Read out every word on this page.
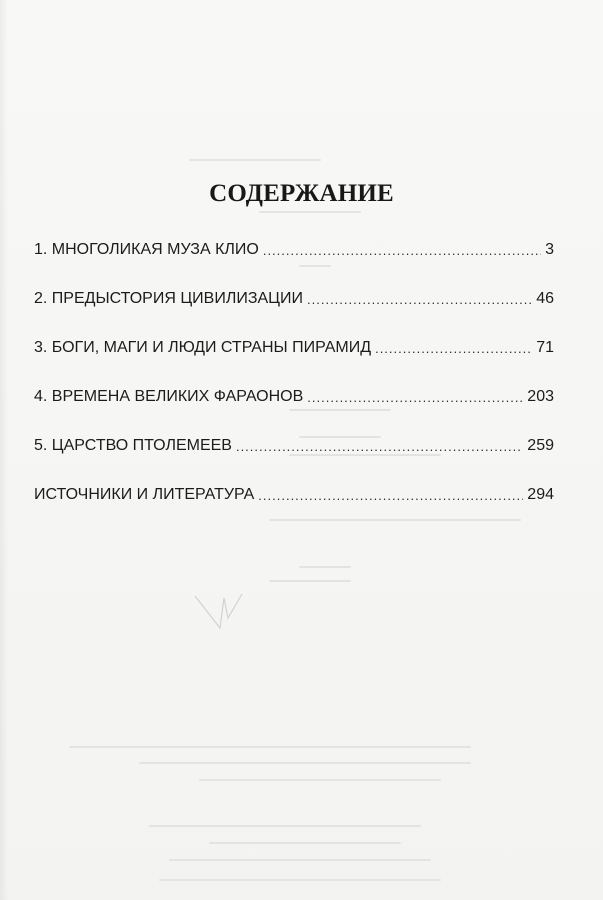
СОДЕРЖАНИЕ
1. МНОГОЛИКАЯ МУЗА КЛИО .....	3
2. ПРЕДЫСТОРИЯ ЦИВИЛИЗАЦИИ .....	46
3. БОГИ, МАГИ И ЛЮДИ СТРАНЫ ПИРАМИД .....	71
4. ВРЕМЕНА ВЕЛИКИХ ФАРАОНОВ .....	203
5. ЦАРСТВО ПТОЛЕМЕЕВ .....	259
ИСТОЧНИКИ И ЛИТЕРАТУРА .....	294
